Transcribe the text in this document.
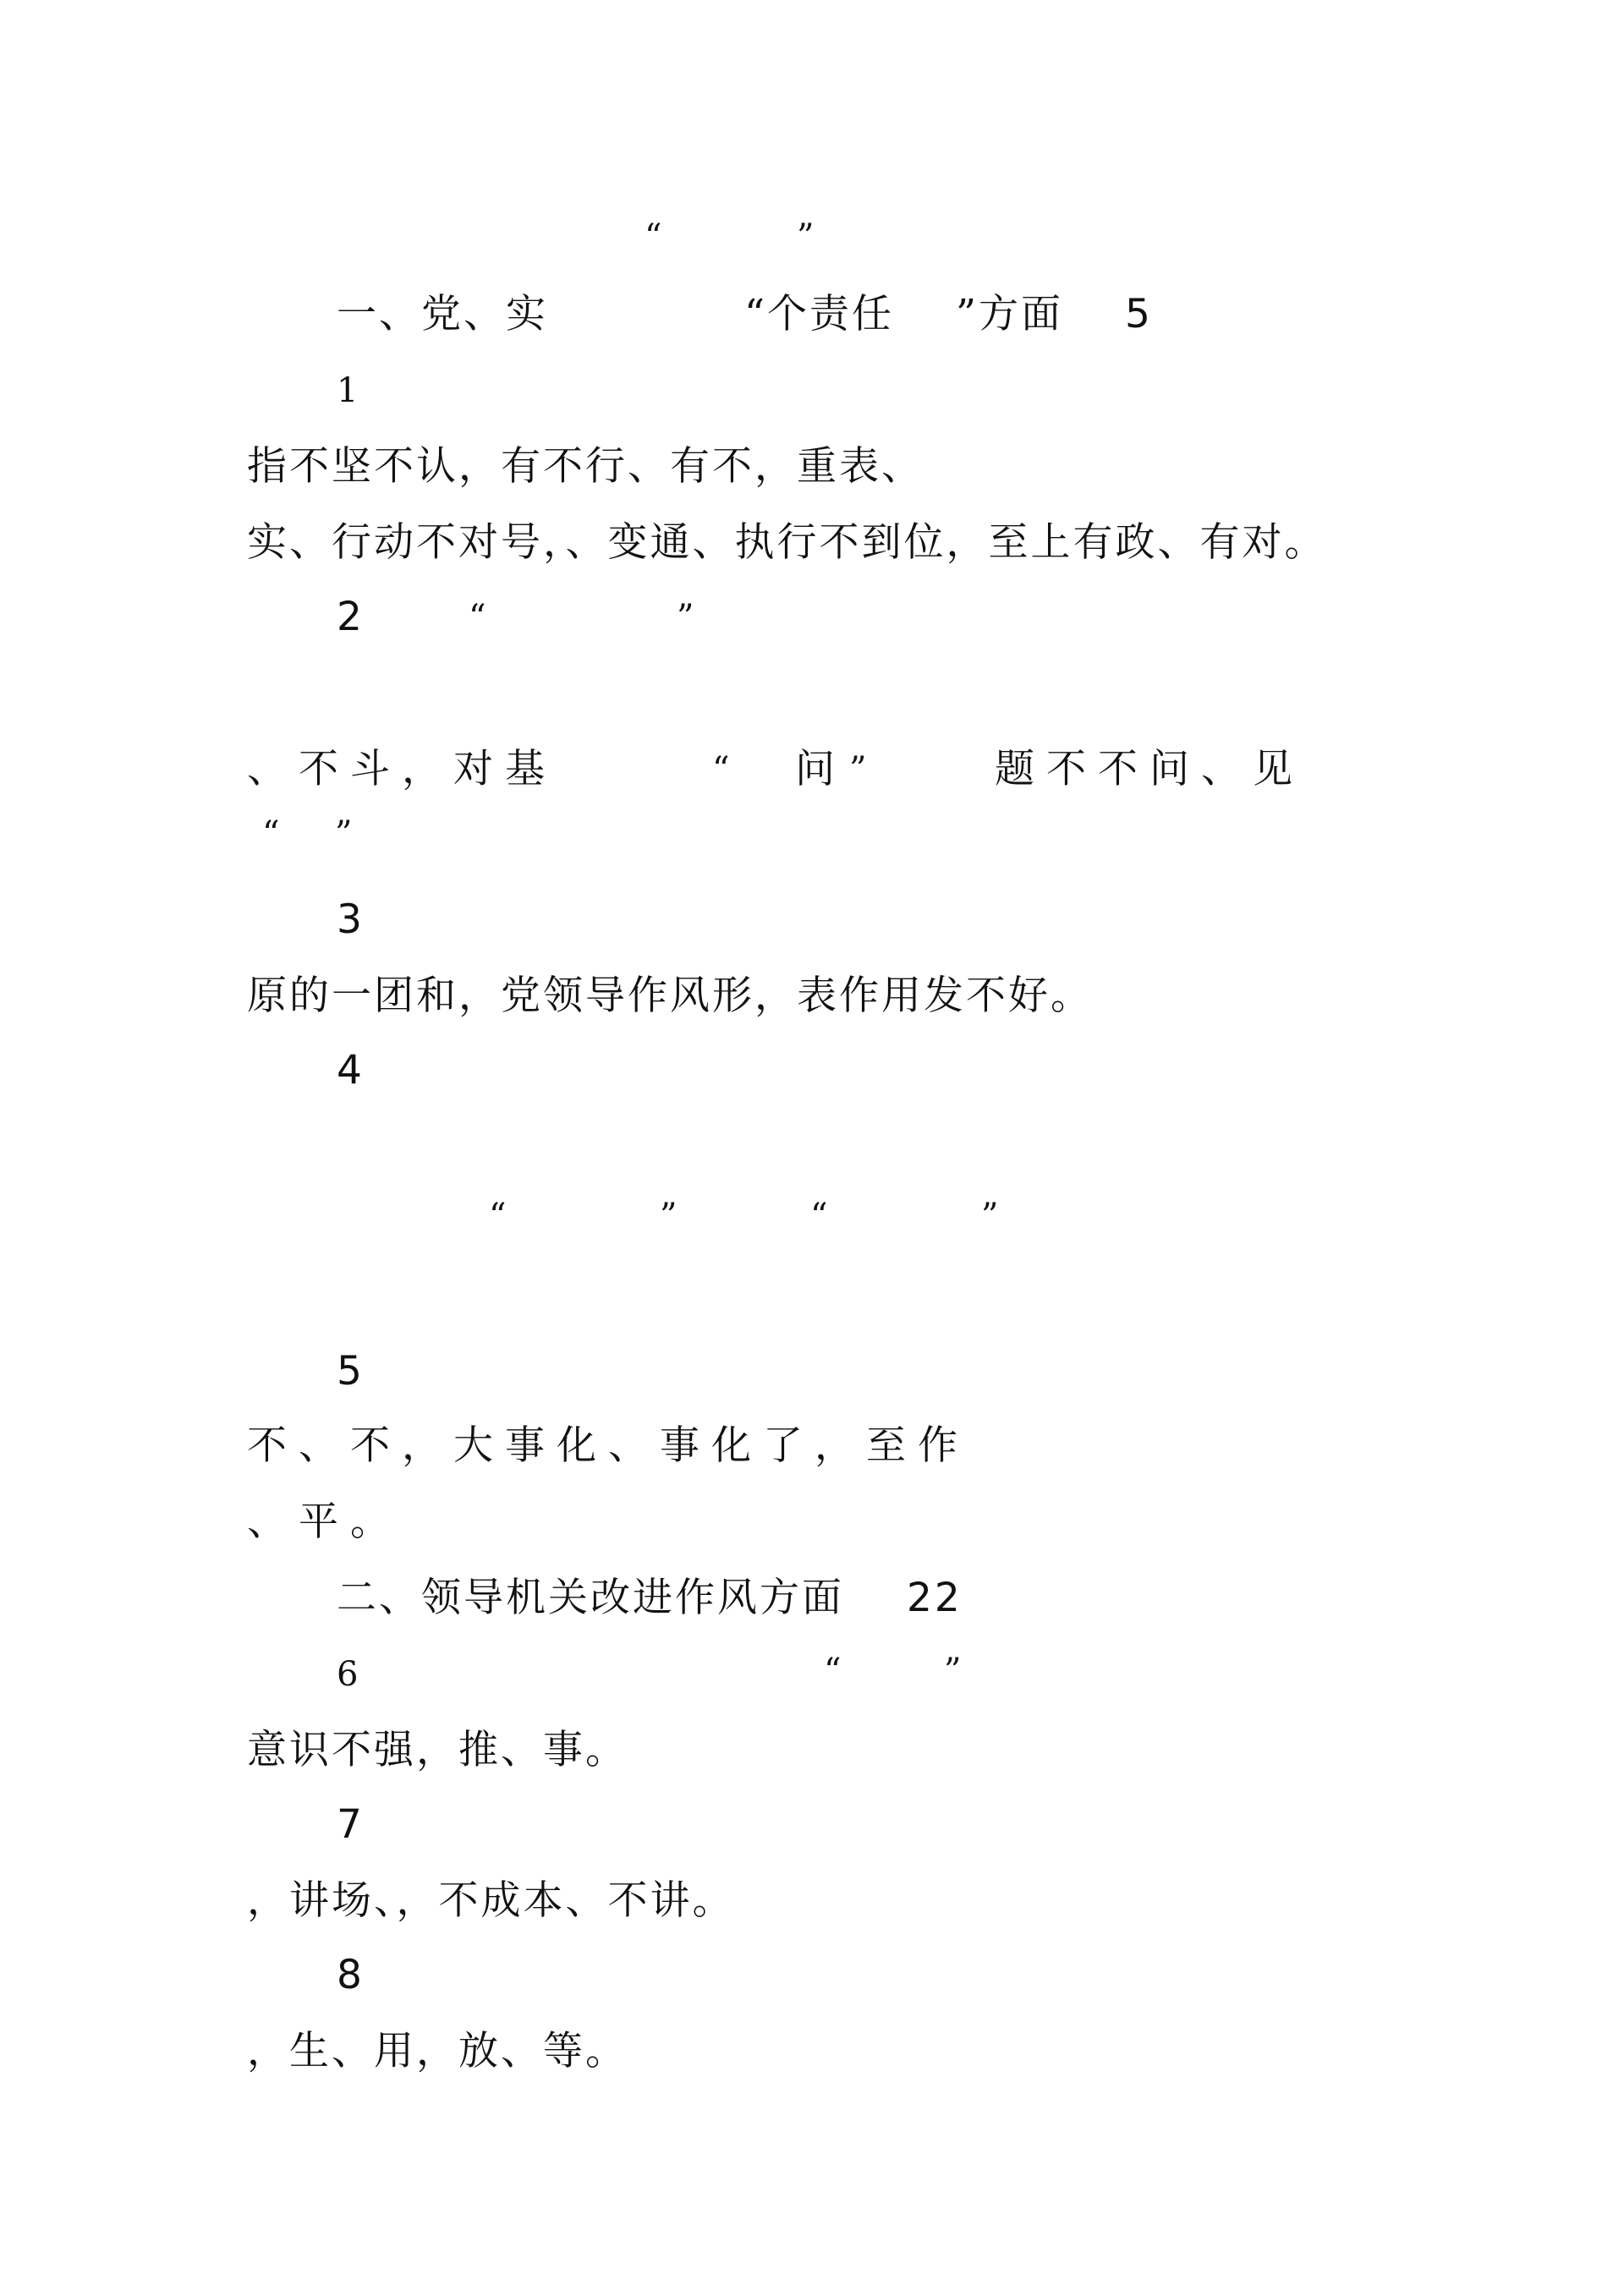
“	”
一、党、实	“个责任 ”方面 5
1
指不坚不认，有不行、有不，重表、
实、行动不对号，、变通、执行不到位，至上有政、有对。
2	“	”
、不斗，对基	“ 问 ”	题不不问、见
“ ”
3
原的一团和，党领导作风形，表作用发不好。
4
“	”	“	”
5
不、不，大事化、事化了，至作
、平。
二、领导机关改进作风方面 22
6	“	”
意识不强，推、事。
7
，讲场、，不成本、不讲。
8
，生、用，放、等。
